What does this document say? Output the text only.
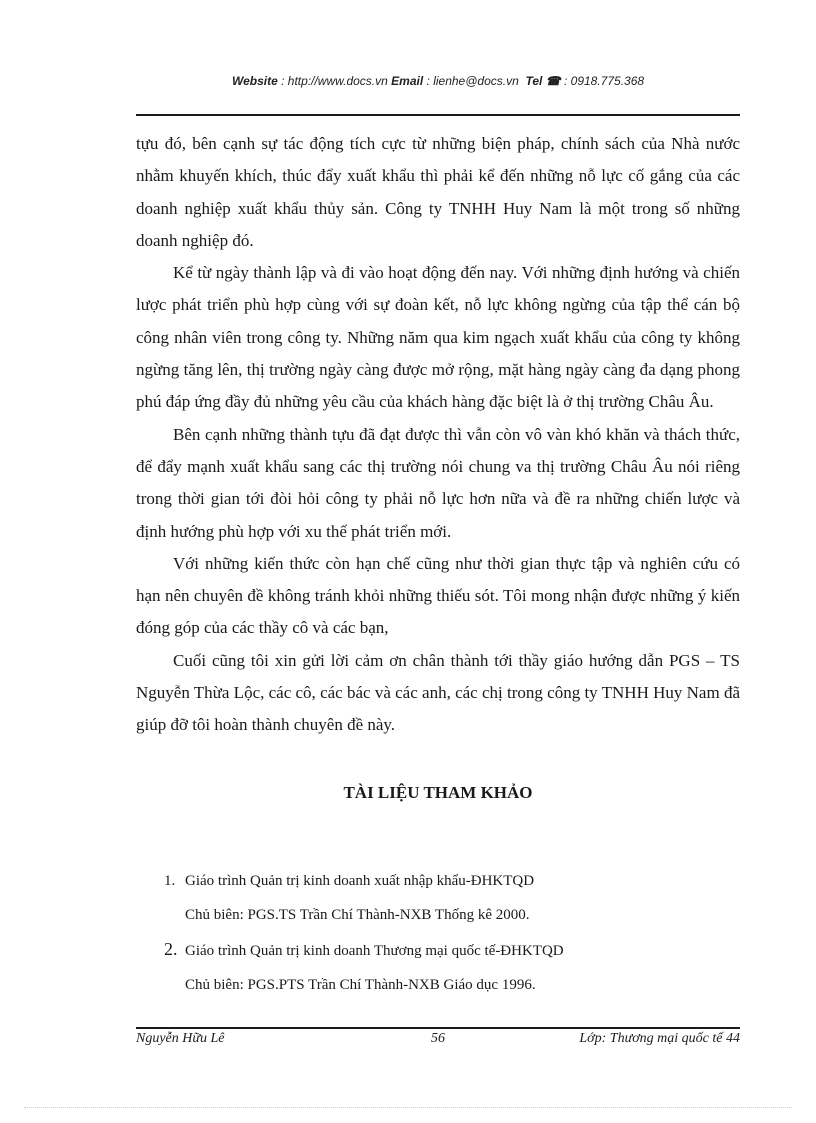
Website : http://www.docs.vn Email : lienhe@docs.vn Tel ☎ : 0918.775.368

tựu đó, bên cạnh sự tác động tích cực từ những biện pháp, chính sách của Nhà nước nhằm khuyến khích, thúc đẩy xuất khẩu thì phải kể đến những nỗ lực cố gắng của các doanh nghiệp xuất khẩu thủy sản. Công ty TNHH Huy Nam là một trong số những doanh nghiệp đó.

Kể từ ngày thành lập và đi vào hoạt động đến nay. Với những định hướng và chiến lược phát triển phù hợp cùng với sự đoàn kết, nỗ lực không ngừng của tập thể cán bộ công nhân viên trong công ty. Những năm qua kim ngạch xuất khẩu của công ty không ngừng tăng lên, thị trường ngày càng được mở rộng, mặt hàng ngày càng đa dạng phong phú đáp ứng đầy đủ những yêu cầu của khách hàng đặc biệt là ở thị trường Châu Âu.

Bên cạnh những thành tựu đã đạt được thì vẫn còn vô vàn khó khăn và thách thức, để đẩy mạnh xuất khẩu sang các thị trường nói chung va thị trường Châu Âu nói riêng trong thời gian tới đòi hỏi công ty phải nỗ lực hơn nữa và đề ra những chiến lược và định hướng phù hợp với xu thế phát triển mới.

Với những kiến thức còn hạn chế cũng như thời gian thực tập và nghiên cứu có hạn nên chuyên đề không tránh khỏi những thiếu sót. Tôi mong nhận được những ý kiến đóng góp của các thầy cô và các bạn,

Cuối cũng tôi xin gửi lời cảm ơn chân thành tới thầy giáo hướng dẫn PGS – TS Nguyễn Thừa Lộc, các cô, các bác và các anh, các chị trong công ty TNHH Huy Nam đã giúp đỡ tôi hoàn thành chuyên đề này.

TÀI LIỆU THAM KHẢO
1. Giáo trình Quản trị kinh doanh xuất nhập khẩu-ĐHKTQD
Chủ biên: PGS.TS Trần Chí Thành-NXB Thống kê 2000.
2. Giáo trình Quản trị kinh doanh Thương mại quốc tế-ĐHKTQD
Chủ biên: PGS.PTS Trần Chí Thành-NXB Giáo dục 1996.
Nguyễn Hữu Lê	56	Lớp: Thương mại quốc tế 44
